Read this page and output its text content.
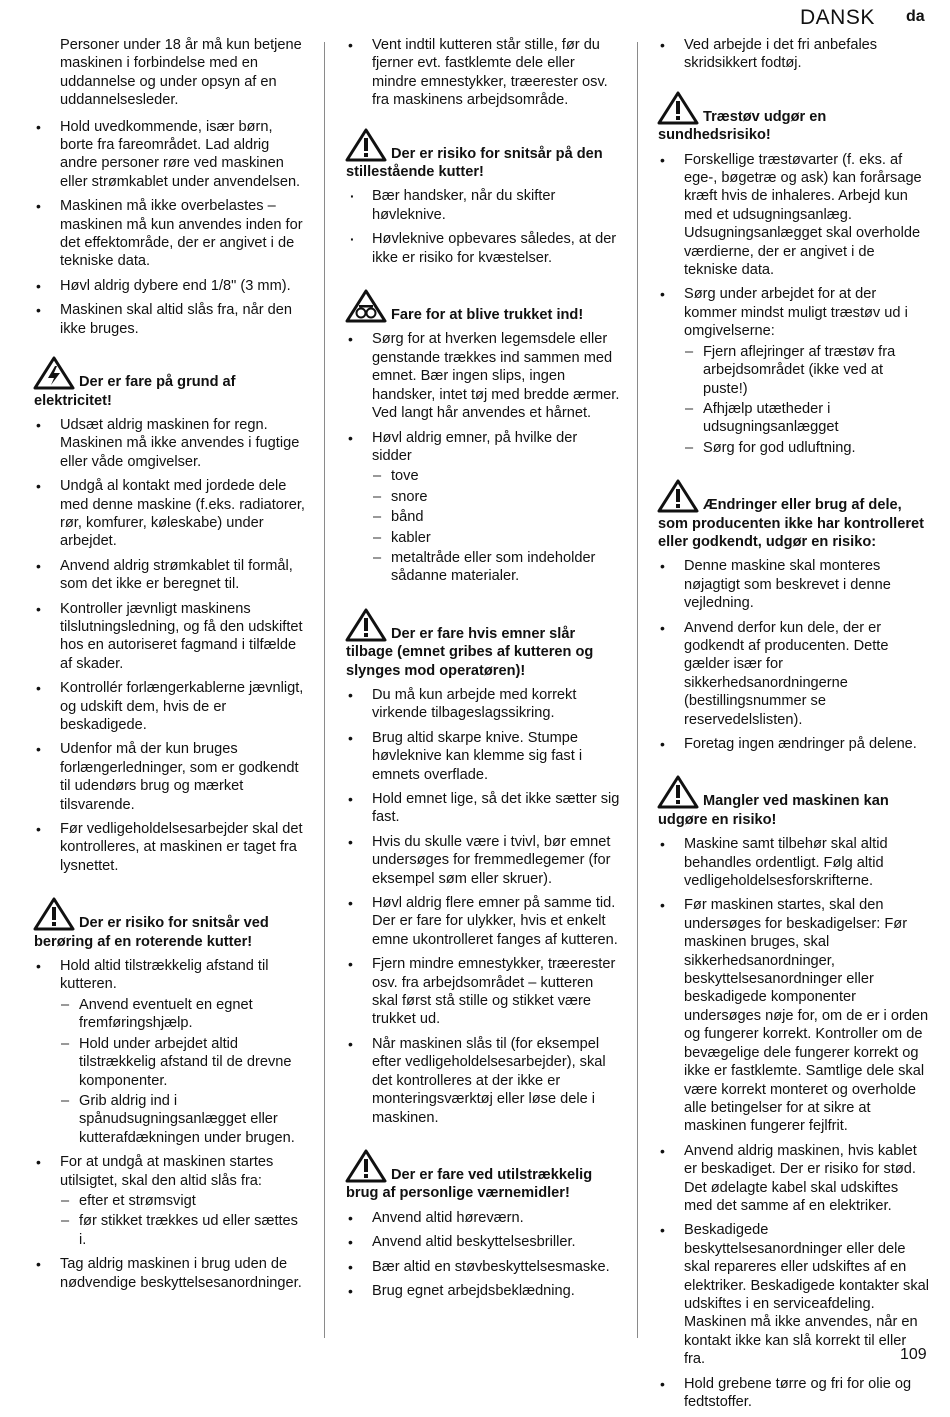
DANSK da
Personer under 18 år må kun betjene maskinen i forbindelse med en uddannelse og under opsyn af en uddannelsesleder.
• Hold uvedkommende, især børn, borte fra fareområdet. Lad aldrig andre personer røre ved maskinen eller strømkablet under anvendelsen.
• Maskinen må ikke overbelastes – maskinen må kun anvendes inden for det effektområde, der er angivet i de tekniske data.
• Høvl aldrig dybere end 1/8" (3 mm).
• Maskinen skal altid slås fra, når den ikke bruges.
Der er fare på grund af elektricitet!
• Udsæt aldrig maskinen for regn. Maskinen må ikke anvendes i fugtige eller våde omgivelser.
• Undgå al kontakt med jordede dele med denne maskine (f.eks. radiatorer, rør, komfurer, køleskabe) under arbejdet.
• Anvend aldrig strømkablet til formål, som det ikke er beregnet til.
• Kontroller jævnligt maskinens tilslutningsledning, og få den udskiftet hos en autoriseret fagmand i tilfælde af skader.
• Kontrollér forlængerkablerne jævnligt, og udskift dem, hvis de er beskadigede.
• Udenfor må der kun bruges forlængerledninger, som er godkendt til udendørs brug og mærket tilsvarende.
• Før vedligeholdelsesarbejder skal det kontrolleres, at maskinen er taget fra lysnettet.
Der er risiko for snitsår ved berøring af en roterende kutter!
• Hold altid tilstrækkelig afstand til kutteren.
– Anvend eventuelt en egnet fremføringshjælp.
– Hold under arbejdet altid tilstrækkelig afstand til de drevne komponenter.
– Grib aldrig ind i spånudsugningsanlægget eller kutterafdækningen under brugen.
• For at undgå at maskinen startes utilsigtet, skal den altid slås fra:
– efter et strømsvigt
– før stikket trækkes ud eller sættes i.
• Tag aldrig maskinen i brug uden de nødvendige beskyttelsesanordninger.
• Vent indtil kutteren står stille, før du fjerner evt. fastklemte dele eller mindre emnestykker, træerester osv. fra maskinens arbejdsområde.
Der er risiko for snitsår på den stillestående kutter!
· Bær handsker, når du skifter høvleknive.
· Høvleknive opbevares således, at der ikke er risiko for kvæstelser.
Fare for at blive trukket ind!
• Sørg for at hverken legemsdele eller genstande trækkes ind sammen med emnet. Bær ingen slips, ingen handsker, intet tøj med bredde ærmer. Ved langt hår anvendes et hårnet.
• Høvl aldrig emner, på hvilke der sidder
– tove
– snore
– bånd
– kabler
– metaltråde eller som indeholder sådanne materialer.
Der er fare hvis emner slår tilbage (emnet gribes af kutteren og slynges mod operatøren)!
• Du må kun arbejde med korrekt virkende tilbageslagssikring.
• Brug altid skarpe knive. Stumpe høvleknive kan klemme sig fast i emnets overflade.
• Hold emnet lige, så det ikke sætter sig fast.
• Hvis du skulle være i tvivl, bør emnet undersøges for fremmedlegemer (for eksempel søm eller skruer).
• Høvl aldrig flere emner på samme tid. Der er fare for ulykker, hvis et enkelt emne ukontrolleret fanges af kutteren.
• Fjern mindre emnestykker, træerester osv. fra arbejdsområdet – kutteren skal først stå stille og stikket være trukket ud.
• Når maskinen slås til (for eksempel efter vedligeholdelsesarbejder), skal det kontrolleres at der ikke er monteringsværktøj eller løse dele i maskinen.
Der er fare ved utilstrækkelig brug af personlige værnemidler!
• Anvend altid høreværn.
• Anvend altid beskyttelsesbriller.
• Bær altid en støvbeskyttelsesmaske.
• Brug egnet arbejdsbeklædning.
• Ved arbejde i det fri anbefales skridsikkert fodtøj.
Træstøv udgør en sundhedsrisiko!
• Forskellige træstøvarter (f. eks. af ege-, bøgetræ og ask) kan forårsage kræft hvis de inhaleres. Arbejd kun med et udsugningsanlæg. Udsugningsanlægget skal overholde værdierne, der er angivet i de tekniske data.
• Sørg under arbejdet for at der kommer mindst muligt træstøv ud i omgivelserne:
– Fjern aflejringer af træstøv fra arbejdsområdet (ikke ved at puste!)
– Afhjælp utætheder i udsugningsanlægget
– Sørg for god udluftning.
Ændringer eller brug af dele, som producenten ikke har kontrolleret eller godkendt, udgør en risiko:
• Denne maskine skal monteres nøjagtigt som beskrevet i denne vejledning.
• Anvend derfor kun dele, der er godkendt af producenten. Dette gælder især for sikkerhedsanordningerne (bestillingsnummer se reservedelslisten).
• Foretag ingen ændringer på delene.
Mangler ved maskinen kan udgøre en risiko!
• Maskine samt tilbehør skal altid behandles ordentligt. Følg altid vedligeholdelsesforskrifterne.
• Før maskinen startes, skal den undersøges for beskadigelser: Før maskinen bruges, skal sikkerhedsanordninger, beskyttelsesanordninger eller beskadigede komponenter undersøges nøje for, om de er i orden og fungerer korrekt. Kontroller om de bevægelige dele fungerer korrekt og ikke er fastklemte. Samtlige dele skal være korrekt monteret og overholde alle betingelser for at sikre at maskinen fungerer fejlfrit.
• Anvend aldrig maskinen, hvis kablet er beskadiget. Der er risiko for stød. Det ødelagte kabel skal udskiftes med det samme af en elektriker.
• Beskadigede beskyttelsesanordninger eller dele skal repareres eller udskiftes af en elektriker. Beskadigede kontakter skal udskiftes i en serviceafdeling. Maskinen må ikke anvendes, når en kontakt ikke kan slå korrekt til eller fra.
• Hold grebene tørre og fri for olie og fedtstoffer.
109
